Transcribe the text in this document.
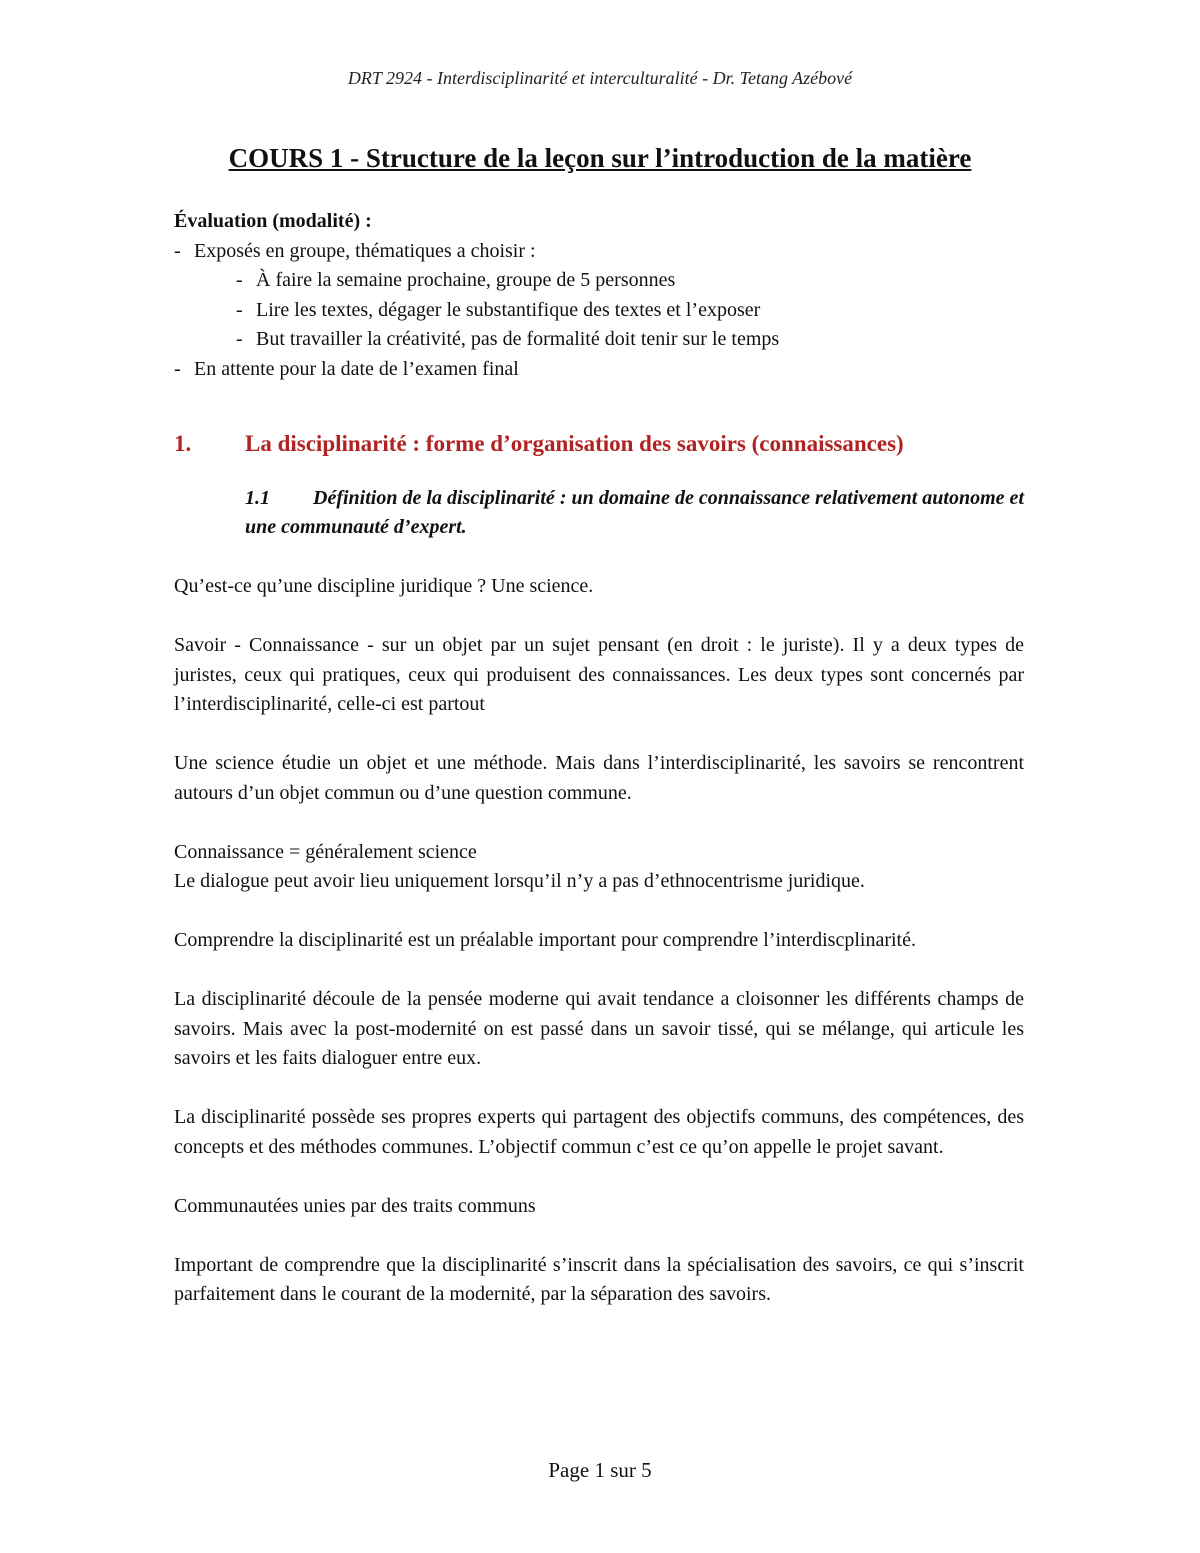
DRT 2924 - Interdisciplinarité et interculturalité - Dr. Tetang Azébové
COURS 1 - Structure de la leçon sur l’introduction de la matière

Évaluation (modalité) :

- Exposés en groupe, thématiques a choisir :

- À faire la semaine prochaine, groupe de 5 personnes

- Lire les textes, dégager le substantifique des textes et l’exposer

- But travailler la créativité, pas de formalité doit tenir sur le temps

- En attente pour la date de l’examen final

1.	La disciplinarité : forme d’organisation des savoirs (connaissances)
1.1 Définition de la disciplinarité : un domaine de connaissance relativement autonome et une communauté d’expert.

Qu’est-ce qu’une discipline juridique ? Une science.

Savoir - Connaissance - sur un objet par un sujet pensant (en droit : le juriste). Il y a deux types de juristes, ceux qui pratiques, ceux qui produisent des connaissances. Les deux types sont concernés par l’interdisciplinarité, celle-ci est partout

Une science étudie un objet et une méthode. Mais dans l’interdisciplinarité, les savoirs se rencontrent autours d’un objet commun ou d’une question commune.

Connaissance = généralement science

Le dialogue peut avoir lieu uniquement lorsqu’il n’y a pas d’ethnocentrisme juridique.

Comprendre la disciplinarité est un préalable important pour comprendre l’interdiscplinarité.

La disciplinarité découle de la pensée moderne qui avait tendance a cloisonner les différents champs de savoirs. Mais avec la post-modernité on est passé dans un savoir tissé, qui se mélange, qui articule les savoirs et les faits dialoguer entre eux.

La disciplinarité possède ses propres experts qui partagent des objectifs communs, des compétences, des concepts et des méthodes communes. L’objectif commun c’est ce qu’on appelle le projet savant.

Communautées unies par des traits communs

Important de comprendre que la disciplinarité s’inscrit dans la spécialisation des savoirs, ce qui s’inscrit parfaitement dans le courant de la modernité, par la séparation des savoirs.

Page 1 sur 5
